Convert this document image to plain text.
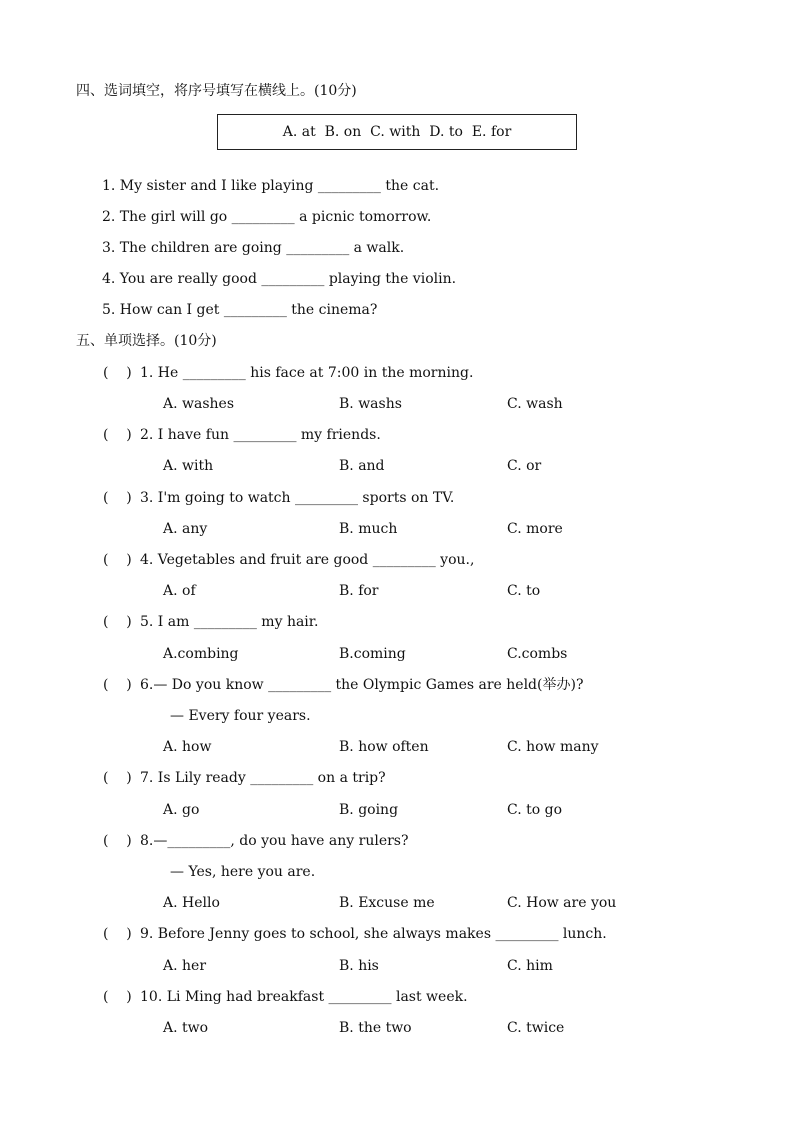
四、选词填空，将序号填写在横线上。(10分)
A. at  B. on  C. with  D. to  E. for
1. My sister and I like playing _________ the cat.
2. The girl will go _________ a picnic tomorrow.
3. The children are going _________ a walk.
4. You are really good _________ playing the violin.
5. How can I get _________ the cinema?
五、单项选择。(10分)
(    ) 1. He _________ his face at 7:00 in the morning.
A. washes	B. washs	C. wash
(    ) 2. I have fun _________ my friends.
A. with	B. and	C. or
(    ) 3. I'm going to watch _________ sports on TV.
A. any	B. much	C. more
(    ) 4. Vegetables and fruit are good _________ you.,
A. of	B. for	C. to
(    ) 5. I am _________ my hair.
A.combing	B.coming	C.combs
(    ) 6.— Do you know _________ the Olympic Games are held(举办)?
— Every four years.
A. how	B. how often	C. how many
(    ) 7. Is Lily ready _________ on a trip?
A. go	B. going	C. to go
(    ) 8.—_________, do you have any rulers?
— Yes, here you are.
A. Hello	B. Excuse me	C. How are you
(    ) 9. Before Jenny goes to school, she always makes _________ lunch.
A. her	B. his	C. him
(    ) 10. Li Ming had breakfast _________ last week.
A. two	B. the two	C. twice
